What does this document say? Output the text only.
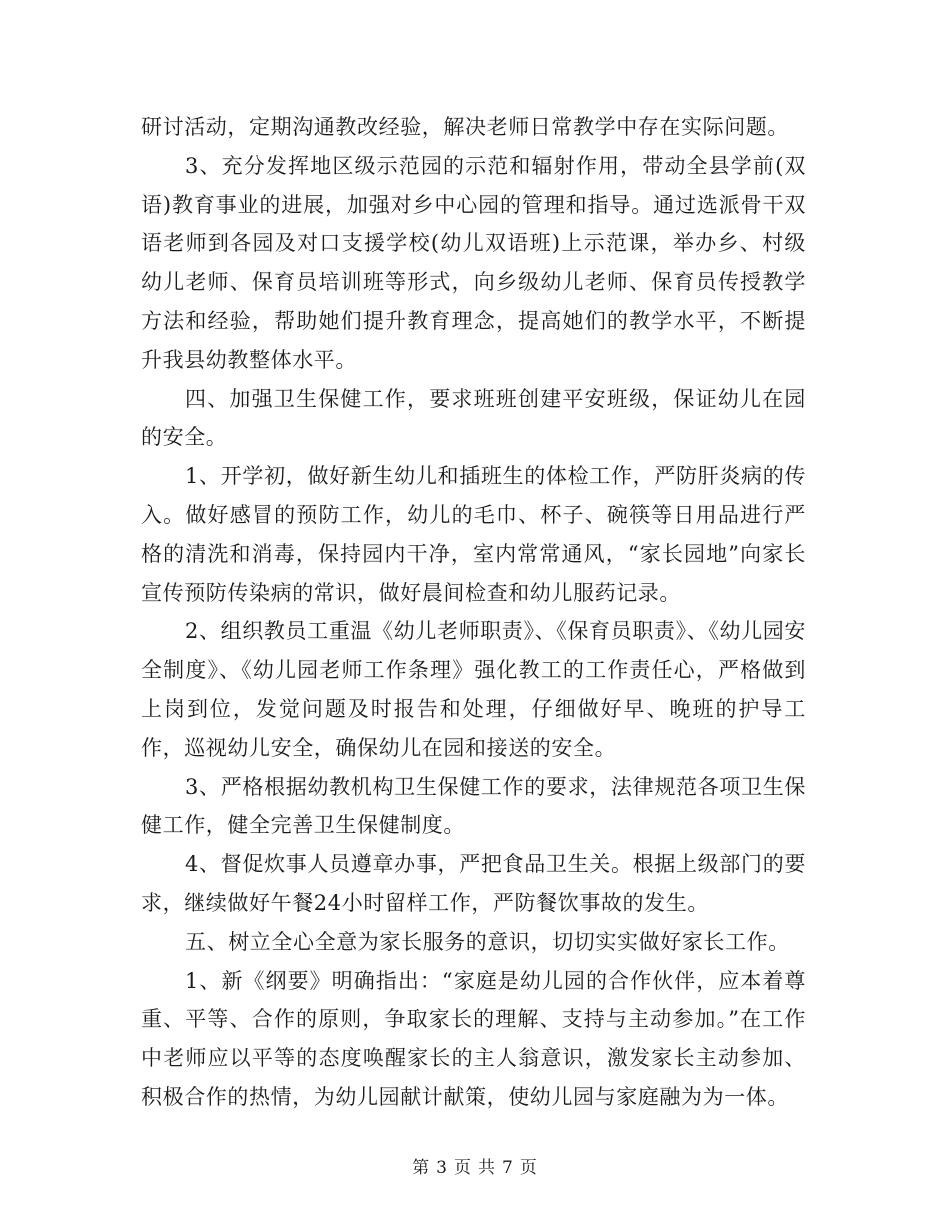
研讨活动，定期沟通教改经验，解决老师日常教学中存在实际问题。

3、充分发挥地区级示范园的示范和辐射作用，带动全县学前(双语)教育事业的进展，加强对乡中心园的管理和指导。通过选派骨干双语老师到各园及对口支援学校(幼儿双语班)上示范课，举办乡、村级幼儿老师、保育员培训班等形式，向乡级幼儿老师、保育员传授教学方法和经验，帮助她们提升教育理念，提高她们的教学水平，不断提升我县幼教整体水平。

四、加强卫生保健工作，要求班班创建平安班级，保证幼儿在园的安全。

1、开学初，做好新生幼儿和插班生的体检工作，严防肝炎病的传入。做好感冒的预防工作，幼儿的毛巾、杯子、碗筷等日用品进行严格的清洗和消毒，保持园内干净，室内常常通风，“家长园地”向家长宣传预防传染病的常识，做好晨间检查和幼儿服药记录。

2、组织教员工重温《幼儿老师职责》、《保育员职责》、《幼儿园安全制度》、《幼儿园老师工作条理》强化教工的工作责任心，严格做到上岗到位，发觉问题及时报告和处理，仔细做好早、晚班的护导工作，巡视幼儿安全，确保幼儿在园和接送的安全。

3、严格根据幼教机构卫生保健工作的要求，法律规范各项卫生保健工作，健全完善卫生保健制度。

4、督促炊事人员遵章办事，严把食品卫生关。根据上级部门的要求，继续做好午餐24小时留样工作，严防餐饮事故的发生。

五、树立全心全意为家长服务的意识，切切实实做好家长工作。

1、新《纲要》明确指出：“家庭是幼儿园的合作伙伴，应本着尊重、平等、合作的原则，争取家长的理解、支持与主动参加。”在工作中老师应以平等的态度唤醒家长的主人翁意识，激发家长主动参加、积极合作的热情，为幼儿园献计献策，使幼儿园与家庭融为为一体。

第 3 页 共 7 页
